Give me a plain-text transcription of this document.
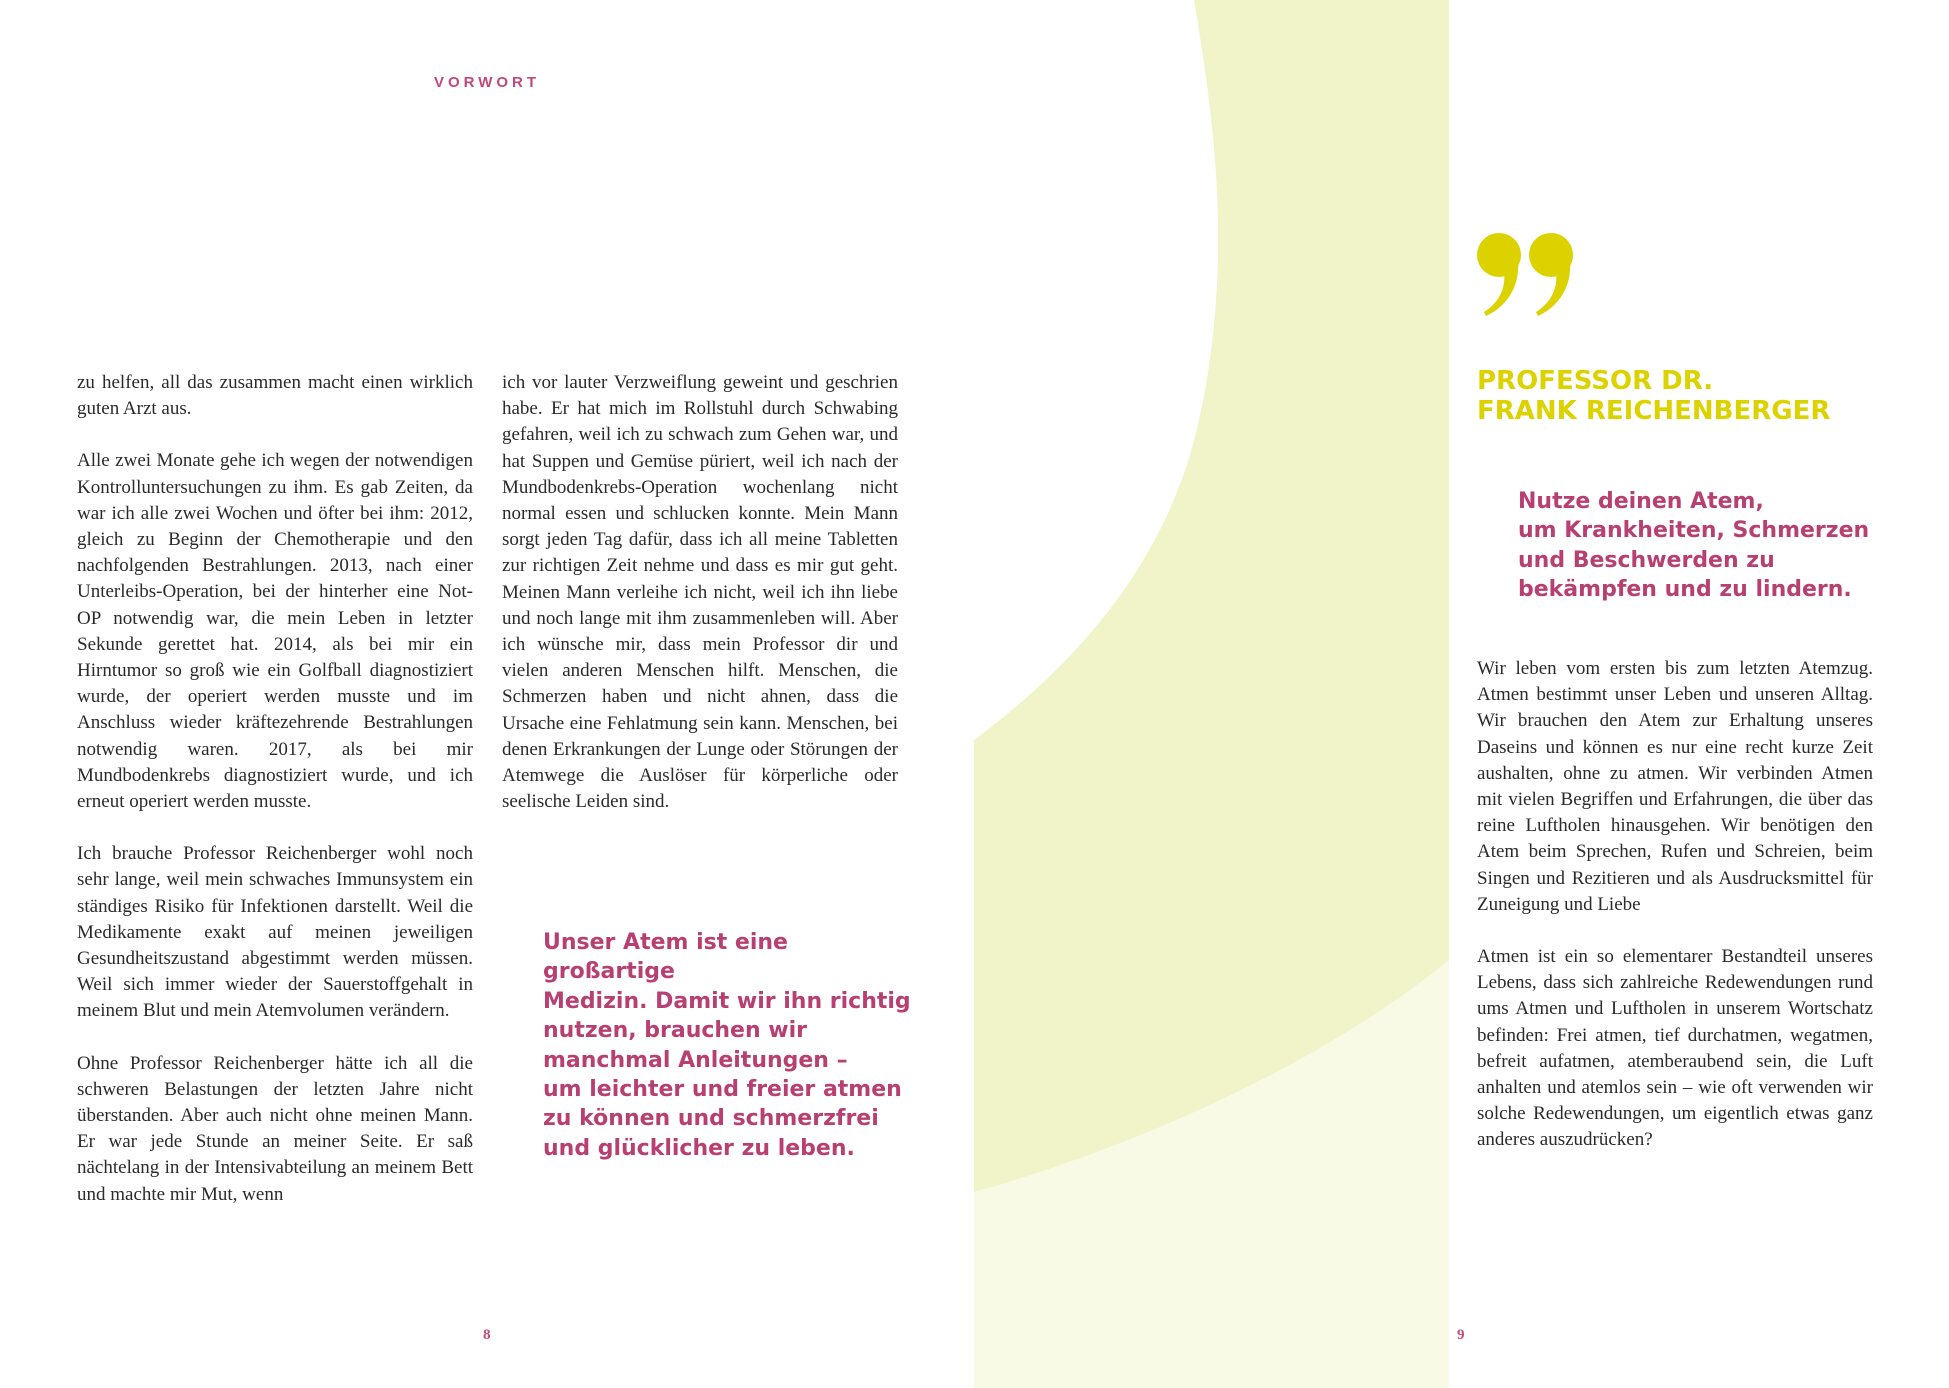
VORWORT

zu helfen, all das zusammen macht einen wirklich guten Arzt aus.

Alle zwei Monate gehe ich wegen der notwendigen Kontrolluntersuchungen zu ihm. Es gab Zeiten, da war ich alle zwei Wochen und öfter bei ihm: 2012, gleich zu Beginn der Chemotherapie und den nachfolgenden Bestrahlungen. 2013, nach einer Unterleibs-Operation, bei der hinterher eine Not-OP notwendig war, die mein Leben in letzter Sekunde gerettet hat. 2014, als bei mir ein Hirntumor so groß wie ein Golfball diagnostiziert wurde, der operiert werden musste und im Anschluss wieder kräftezehrende Bestrahlungen notwendig waren. 2017, als bei mir Mundbodenkrebs diagnostiziert wurde, und ich erneut operiert werden musste.

Ich brauche Professor Reichenberger wohl noch sehr lange, weil mein schwaches Immunsystem ein ständiges Risiko für Infektionen darstellt. Weil die Medikamente exakt auf meinen jeweiligen Gesundheitszustand abgestimmt werden müssen. Weil sich immer wieder der Sauerstoffgehalt in meinem Blut und mein Atemvolumen verändern.

Ohne Professor Reichenberger hätte ich all die schweren Belastungen der letzten Jahre nicht überstanden. Aber auch nicht ohne meinen Mann. Er war jede Stunde an meiner Seite. Er saß nächtelang in der Intensivabteilung an meinem Bett und machte mir Mut, wenn

ich vor lauter Verzweiflung geweint und geschrien habe. Er hat mich im Rollstuhl durch Schwabing gefahren, weil ich zu schwach zum Gehen war, und hat Suppen und Gemüse püriert, weil ich nach der Mundbodenkrebs-Operation wochenlang nicht normal essen und schlucken konnte. Mein Mann sorgt jeden Tag dafür, dass ich all meine Tabletten zur richtigen Zeit nehme und dass es mir gut geht. Meinen Mann verleihe ich nicht, weil ich ihn liebe und noch lange mit ihm zusammenleben will. Aber ich wünsche mir, dass mein Professor dir und vielen anderen Menschen hilft. Menschen, die Schmerzen haben und nicht ahnen, dass die Ursache eine Fehlatmung sein kann. Menschen, bei denen Erkrankungen der Lunge oder Störungen der Atemwege die Auslöser für körperliche oder seelische Leiden sind.

Unser Atem ist eine großartige
Medizin. Damit wir ihn richtig
nutzen, brauchen wir
manchmal Anleitungen –
um leichter und freier atmen
zu können und schmerzfrei
und glücklicher zu leben.
8
PROFESSOR DR.
FRANK REICHENBERGER
Nutze deinen Atem,
um Krankheiten, Schmerzen
und Beschwerden zu
bekämpfen und zu lindern.

Wir leben vom ersten bis zum letzten Atemzug. Atmen bestimmt unser Leben und unseren Alltag. Wir brauchen den Atem zur Erhaltung unseres Daseins und können es nur eine recht kurze Zeit aushalten, ohne zu atmen. Wir verbinden Atmen mit vielen Begriffen und Erfahrungen, die über das reine Luftholen hinausgehen. Wir benötigen den Atem beim Sprechen, Rufen und Schreien, beim Singen und Rezitieren und als Ausdrucksmittel für Zuneigung und Liebe

Atmen ist ein so elementarer Bestandteil unseres Lebens, dass sich zahlreiche Redewendungen rund ums Atmen und Luftholen in unserem Wortschatz befinden: Frei atmen, tief durchatmen, wegatmen, befreit aufatmen, atemberaubend sein, die Luft anhalten und atemlos sein – wie oft verwenden wir solche Redewendungen, um eigentlich etwas ganz anderes auszudrücken?

9
